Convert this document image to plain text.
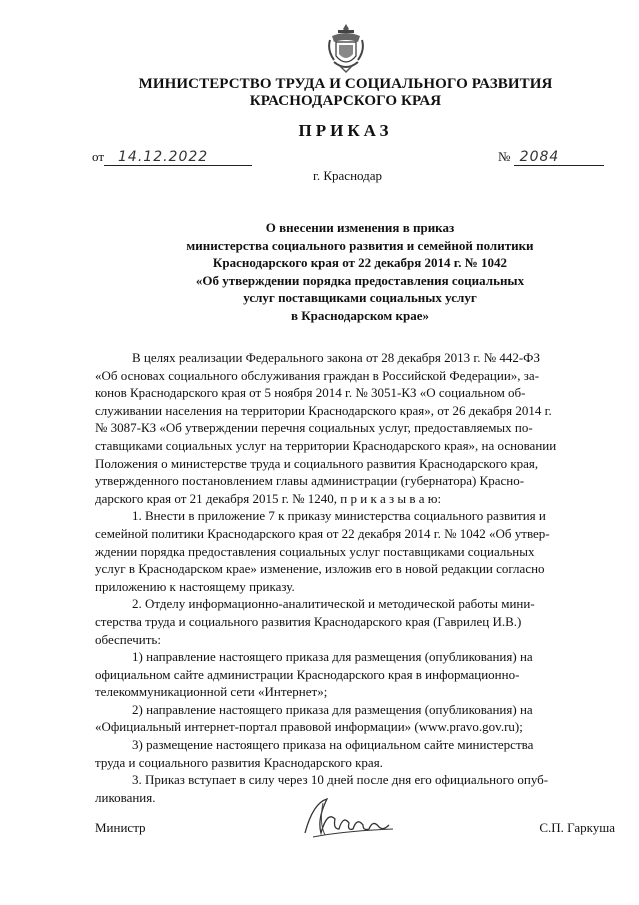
МИНИСТЕРСТВО ТРУДА И СОЦИАЛЬНОГО РАЗВИТИЯ
КРАСНОДАРСКОГО КРАЯ
ПРИКАЗ
от 14.12.2022	№ 2084
г. Краснодар
О внесении изменения в приказ
министерства социального развития и семейной политики
Краснодарского края от 22 декабря 2014 г. № 1042
«Об утверждении порядка предоставления социальных
услуг поставщиками социальных услуг
в Краснодарском крае»
В целях реализации Федерального закона от 28 декабря 2013 г. № 442-ФЗ
«Об основах социального обслуживания граждан в Российской Федерации», за-
конов Краснодарского края от 5 ноября 2014 г. № 3051-КЗ «О социальном об-
служивании населения на территории Краснодарского края», от 26 декабря 2014 г.
№ 3087-КЗ «Об утверждении перечня социальных услуг, предоставляемых по-
ставщиками социальных услуг на территории Краснодарского края», на основании
Положения о министерстве труда и социального развития Краснодарского края,
утвержденного постановлением главы администрации (губернатора) Красно-
дарского края от 21 декабря 2015 г. № 1240, п р и к а з ы в а ю:
1. Внести в приложение 7 к приказу министерства социального развития и
семейной политики Краснодарского края от 22 декабря 2014 г. № 1042 «Об утвер-
ждении порядка предоставления социальных услуг поставщиками социальных
услуг в Краснодарском крае» изменение, изложив его в новой редакции согласно
приложению к настоящему приказу.
2. Отделу информационно-аналитической и методической работы мини-
стерства труда и социального развития Краснодарского края (Гаврилец И.В.)
обеспечить:
1) направление настоящего приказа для размещения (опубликования) на
официальном сайте администрации Краснодарского края в информационно-
телекоммуникационной сети «Интернет»;
2) направление настоящего приказа для размещения (опубликования) на
«Официальный интернет-портал правовой информации» (www.pravo.gov.ru);
3) размещение настоящего приказа на официальном сайте министерства
труда и социального развития Краснодарского края.
3. Приказ вступает в силу через 10 дней после дня его официального опуб-
ликования.
Министр	С.П. Гаркуша
